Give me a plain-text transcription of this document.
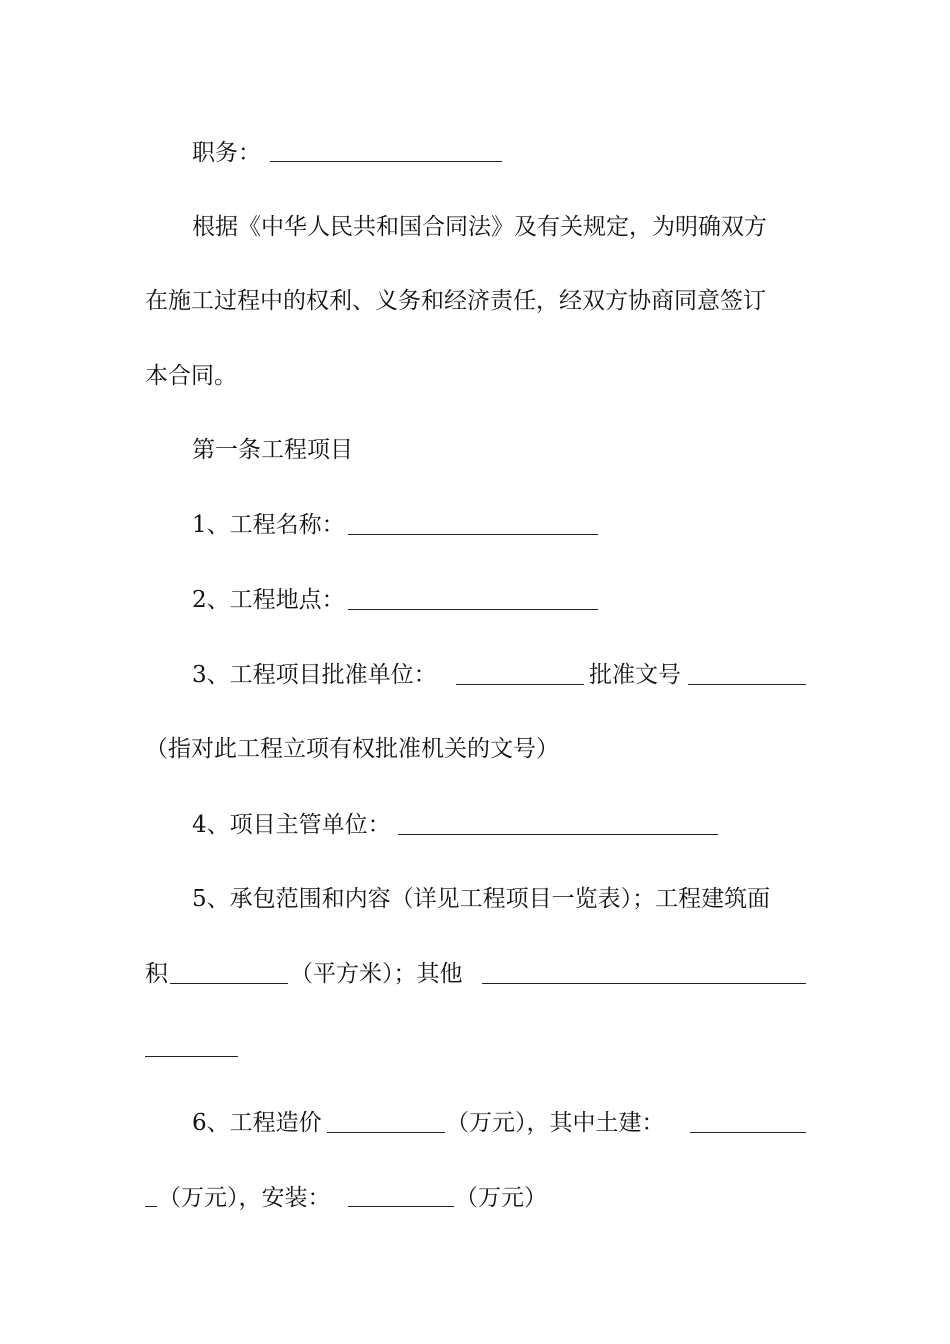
职务：
根据《中华人民共和国合同法》及有关规定，为明确双方
在施工过程中的权利、义务和经济责任，经双方协商同意签订
本合同。
第一条工程项目
1、工程名称：
2、工程地点：
3、工程项目批准单位：	批准文号
（指对此工程立项有权批准机关的文号）
4、项目主管单位：
5、承包范围和内容（详见工程项目一览表）；工程建筑面
积	（平方米）；其他
6、工程造价	（万元），其中土建：
（万元），安装：	（万元）
